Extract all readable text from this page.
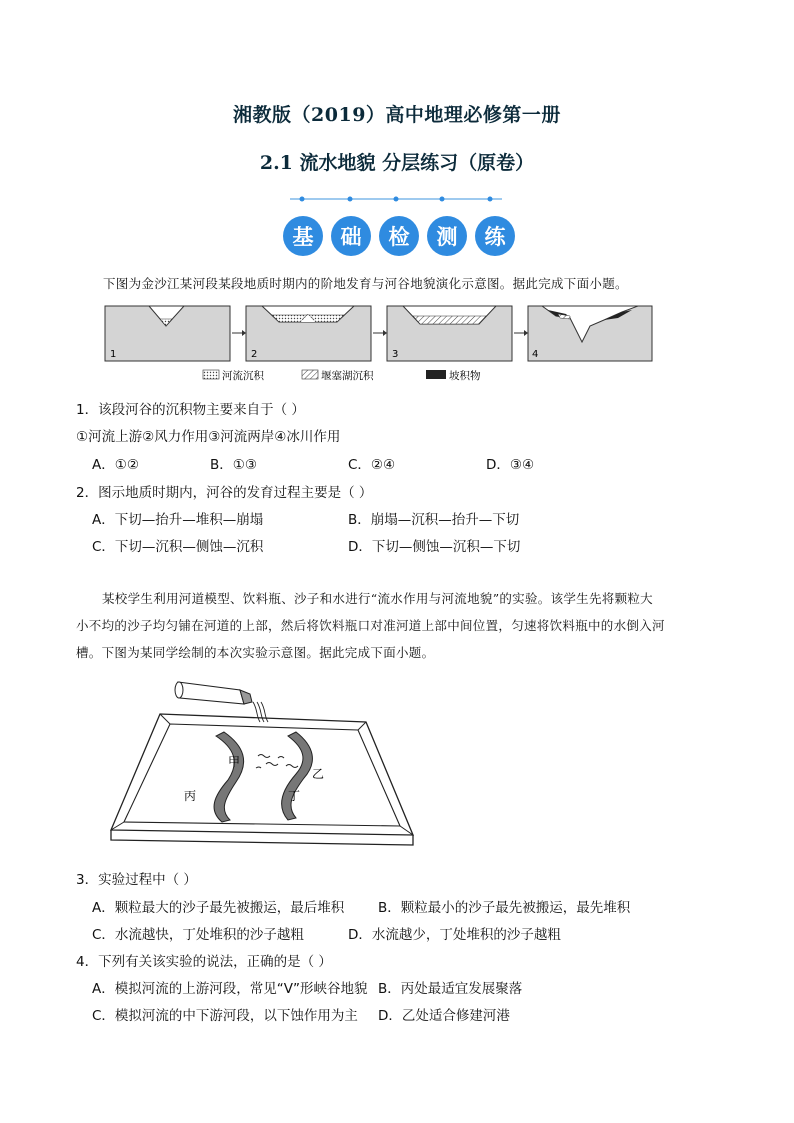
湘教版（2019）高中地理必修第一册
2.1 流水地貌 分层练习（原卷）
基	础	检	测	练
下图为金沙江某河段某段地质时期内的阶地发育与河谷地貌演化示意图。据此完成下面小题。
1	2	3	4
河流沉积	堰塞湖沉积	坡积物
1．该段河谷的沉积物主要来自于（ ）
①河流上游②风力作用③河流两岸④冰川作用
A．①②	B．①③	C．②④	D．③④
2．图示地质时期内，河谷的发育过程主要是（ ）
A．下切—抬升—堆积—崩塌	B．崩塌—沉积—抬升—下切
C．下切—沉积—侧蚀—沉积	D．下切—侧蚀—沉积—下切
某校学生利用河道模型、饮料瓶、沙子和水进行“流水作用与河流地貌”的实验。该学生先将颗粒大
小不均的沙子均匀铺在河道的上部，然后将饮料瓶口对准河道上部中间位置，匀速将饮料瓶中的水倒入河
槽。下图为某同学绘制的本次实验示意图。据此完成下面小题。
甲
乙
丙	丁
3．实验过程中（ ）
A．颗粒最大的沙子最先被搬运，最后堆积	B．颗粒最小的沙子最先被搬运，最先堆积
C．水流越快，丁处堆积的沙子越粗	D．水流越少，丁处堆积的沙子越粗
4．下列有关该实验的说法，正确的是（ ）
A．模拟河流的上游河段，常见“V”形峡谷地貌 B．丙处最适宜发展聚落
C．模拟河流的中下游河段，以下蚀作用为主 D．乙处适合修建河港
